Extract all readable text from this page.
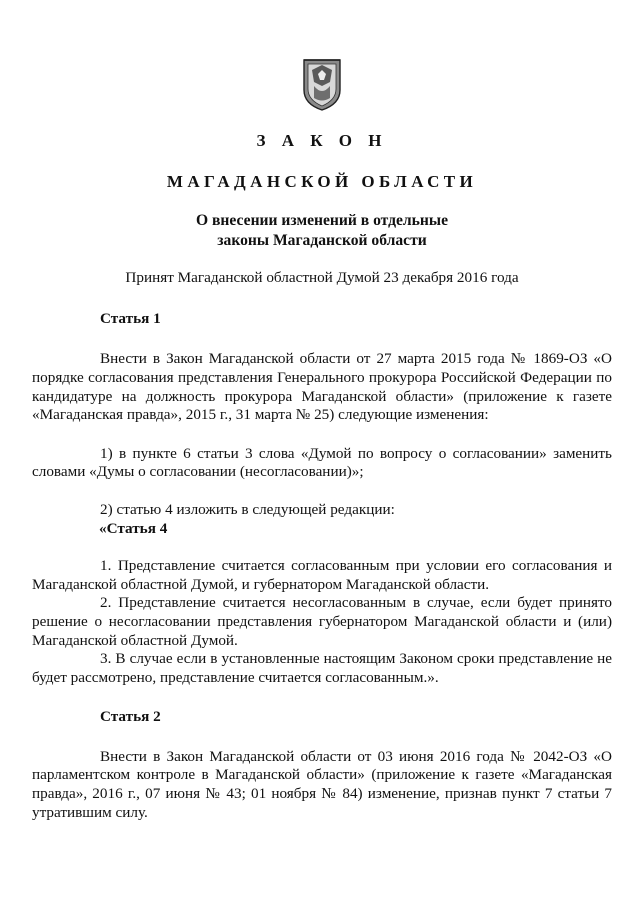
З А К О Н
МАГАДАНСКОЙ ОБЛАСТИ
О внесении изменений в отдельные
законы Магаданской области
Принят Магаданской областной Думой 23 декабря 2016 года
Статья 1

Внести в Закон Магаданской области от 27 марта 2015 года № 1869-ОЗ «О порядке согласования представления Генерального прокурора Российской Федерации по кандидатуре на должность прокурора Магаданской области» (приложение к газете «Магаданская правда», 2015 г., 31 марта № 25) следующие изменения:

1) в пункте 6 статьи 3 слова «Думой по вопросу о согласовании» заменить словами «Думы о согласовании (несогласовании)»;

2) статью 4 изложить в следующей редакции:

«Статья 4

1. Представление считается согласованным при условии его согласования и Магаданской областной Думой, и губернатором Магаданской области.

2. Представление считается несогласованным в случае, если будет принято решение о несогласовании представления губернатором Магаданской области и (или) Магаданской областной Думой.

3. В случае если в установленные настоящим Законом сроки представление не будет рассмотрено, представление считается согласованным.».

Статья 2

Внести в Закон Магаданской области от 03 июня 2016 года № 2042-ОЗ «О парламентском контроле в Магаданской области» (приложение к газете «Магаданская правда», 2016 г., 07 июня № 43; 01 ноября № 84) изменение, признав пункт 7 статьи 7 утратившим силу.
